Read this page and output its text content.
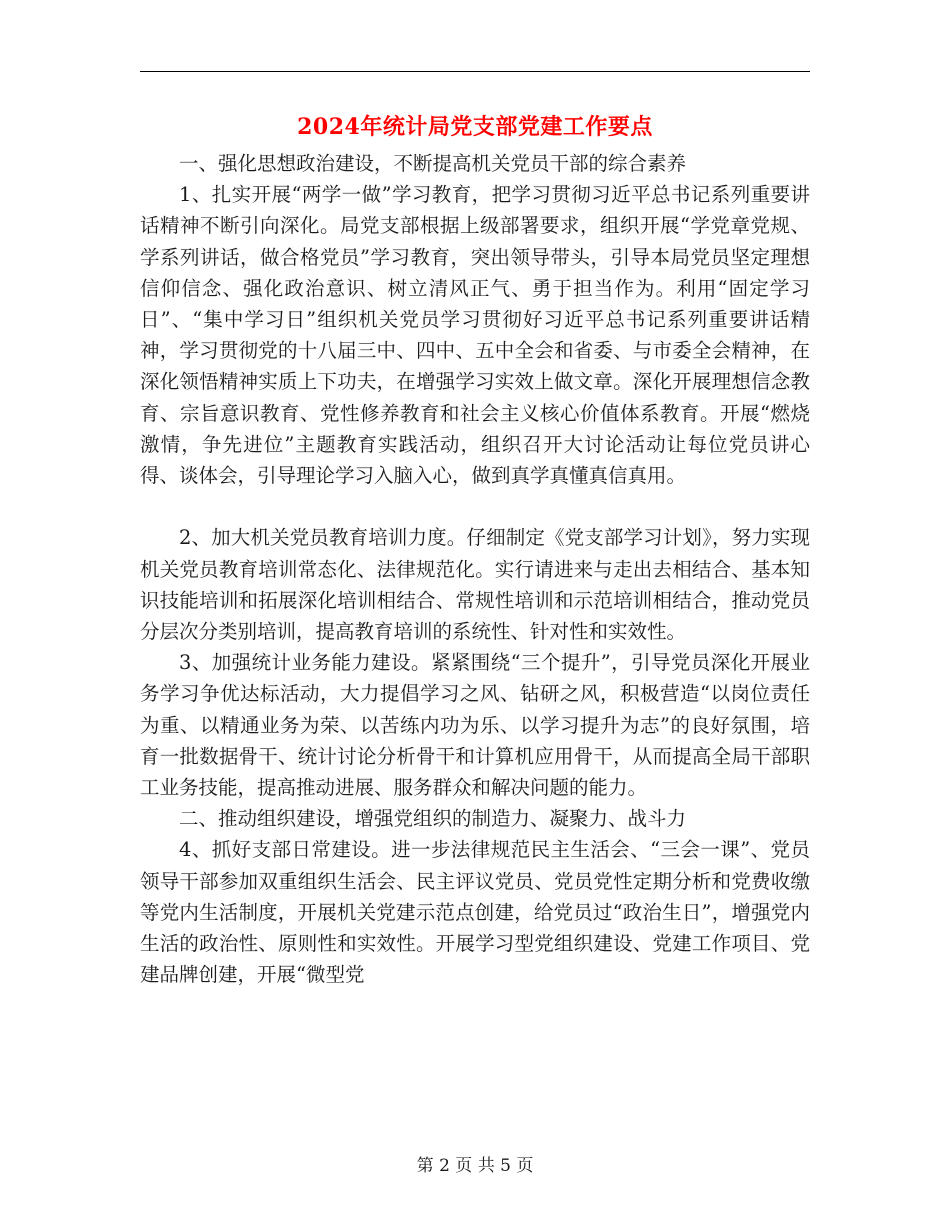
2024年统计局党支部党建工作要点

一、强化思想政治建设，不断提高机关党员干部的综合素养

1、扎实开展“两学一做”学习教育，把学习贯彻习近平总书记系列重要讲话精神不断引向深化。局党支部根据上级部署要求，组织开展“学党章党规、学系列讲话，做合格党员”学习教育，突出领导带头，引导本局党员坚定理想信仰信念、强化政治意识、树立清风正气、勇于担当作为。利用“固定学习日”、“集中学习日”组织机关党员学习贯彻好习近平总书记系列重要讲话精神，学习贯彻党的十八届三中、四中、五中全会和省委、与市委全会精神，在深化领悟精神实质上下功夫，在增强学习实效上做文章。深化开展理想信念教育、宗旨意识教育、党性修养教育和社会主义核心价值体系教育。开展“燃烧激情，争先进位”主题教育实践活动，组织召开大讨论活动让每位党员讲心得、谈体会，引导理论学习入脑入心，做到真学真懂真信真用。

2、加大机关党员教育培训力度。仔细制定《党支部学习计划》，努力实现机关党员教育培训常态化、法律规范化。实行请进来与走出去相结合、基本知识技能培训和拓展深化培训相结合、常规性培训和示范培训相结合，推动党员分层次分类别培训，提高教育培训的系统性、针对性和实效性。

3、加强统计业务能力建设。紧紧围绕“三个提升”，引导党员深化开展业务学习争优达标活动，大力提倡学习之风、钻研之风，积极营造“以岗位责任为重、以精通业务为荣、以苦练内功为乐、以学习提升为志”的良好氛围，培育一批数据骨干、统计讨论分析骨干和计算机应用骨干，从而提高全局干部职工业务技能，提高推动进展、服务群众和解决问题的能力。

二、推动组织建设，增强党组织的制造力、凝聚力、战斗力

4、抓好支部日常建设。进一步法律规范民主生活会、“三会一课”、党员领导干部参加双重组织生活会、民主评议党员、党员党性定期分析和党费收缴等党内生活制度，开展机关党建示范点创建，给党员过“政治生日”，增强党内生活的政治性、原则性和实效性。开展学习型党组织建设、党建工作项目、党建品牌创建，开展“微型党

第 2 页 共 5 页
